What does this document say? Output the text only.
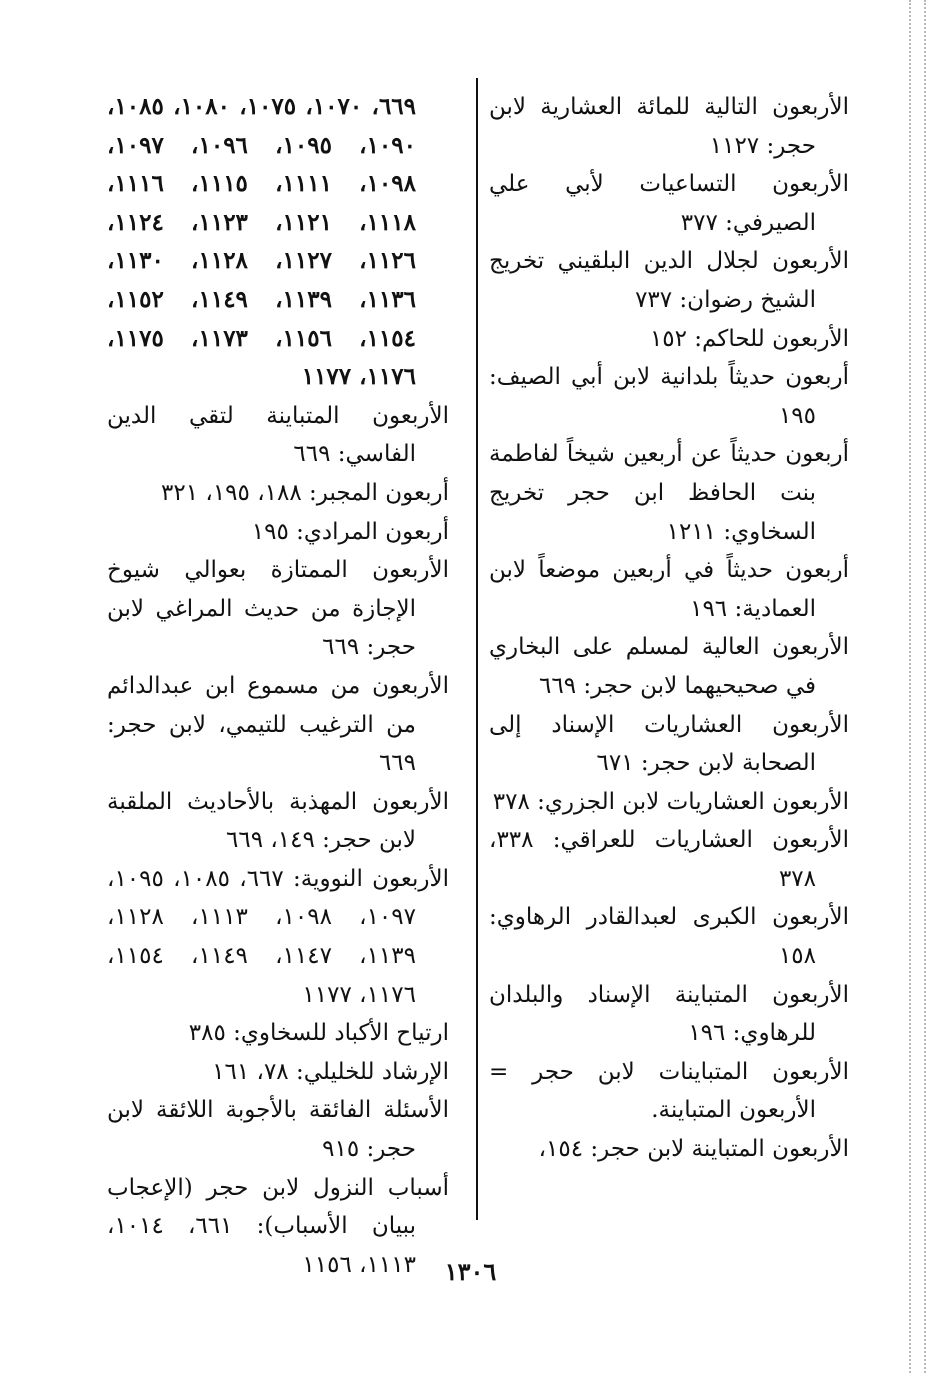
الأربعون التالية للمائة العشارية لابن حجر: ١١٢٧

الأربعون التساعيات لأبي علي الصيرفي: ٣٧٧

الأربعون لجلال الدين البلقيني تخريج الشيخ رضوان: ٧٣٧

الأربعون للحاكم: ١٥٢

أربعون حديثاً بلدانية لابن أبي الصيف: ١٩٥

أربعون حديثاً عن أربعين شيخاً لفاطمة بنت الحافظ ابن حجر تخريج السخاوي: ١٢١١

أربعون حديثاً في أربعين موضعاً لابن العمادية: ١٩٦

الأربعون العالية لمسلم على البخاري في صحيحيهما لابن حجر: ٦٦٩

الأربعون العشاريات الإسناد إلى الصحابة لابن حجر: ٦٧١

الأربعون العشاريات لابن الجزري: ٣٧٨

الأربعون العشاريات للعراقي: ٣٣٨، ٣٧٨

الأربعون الكبرى لعبدالقادر الرهاوي: ١٥٨

الأربعون المتباينة الإسناد والبلدان للرهاوي: ١٩٦

الأربعون المتباينات لابن حجر = الأربعون المتباينة.

الأربعون المتباينة لابن حجر: ١٥٤،

٦٦٩، ١٠٧٠، ١٠٧٥، ١٠٨٠، ١٠٨٥، ١٠٩٠، ١٠٩٥، ١٠٩٦، ١٠٩٧، ١٠٩٨، ١١١١، ١١١٥، ١١١٦، ١١١٨، ١١٢١، ١١٢٣، ١١٢٤، ١١٢٦، ١١٢٧، ١١٢٨، ١١٣٠، ١١٣٦، ١١٣٩، ١١٤٩، ١١٥٢، ١١٥٤، ١١٥٦، ١١٧٣، ١١٧٥، ١١٧٦، ١١٧٧

الأربعون المتباينة لتقي الدين الفاسي: ٦٦٩

أربعون المجبر: ١٨٨، ١٩٥، ٣٢١

أربعون المرادي: ١٩٥

الأربعون الممتازة بعوالي شيوخ الإجازة من حديث المراغي لابن حجر: ٦٦٩

الأربعون من مسموع ابن عبدالدائم من الترغيب للتيمي، لابن حجر: ٦٦٩

الأربعون المهذبة بالأحاديث الملقبة لابن حجر: ١٤٩، ٦٦٩

الأربعون النووية: ٦٦٧، ١٠٨٥، ١٠٩٥، ١٠٩٧، ١٠٩٨، ١١١٣، ١١٢٨، ١١٣٩، ١١٤٧، ١١٤٩، ١١٥٤، ١١٧٦، ١١٧٧

ارتياح الأكباد للسخاوي: ٣٨٥

الإرشاد للخليلي: ٧٨، ١٦١

الأسئلة الفائقة بالأجوبة اللائقة لابن حجر: ٩١٥

أسباب النزول لابن حجر (الإعجاب ببيان الأسباب): ٦٦١، ١٠١٤، ١١١٣، ١١٥٦	١٣٠٦
